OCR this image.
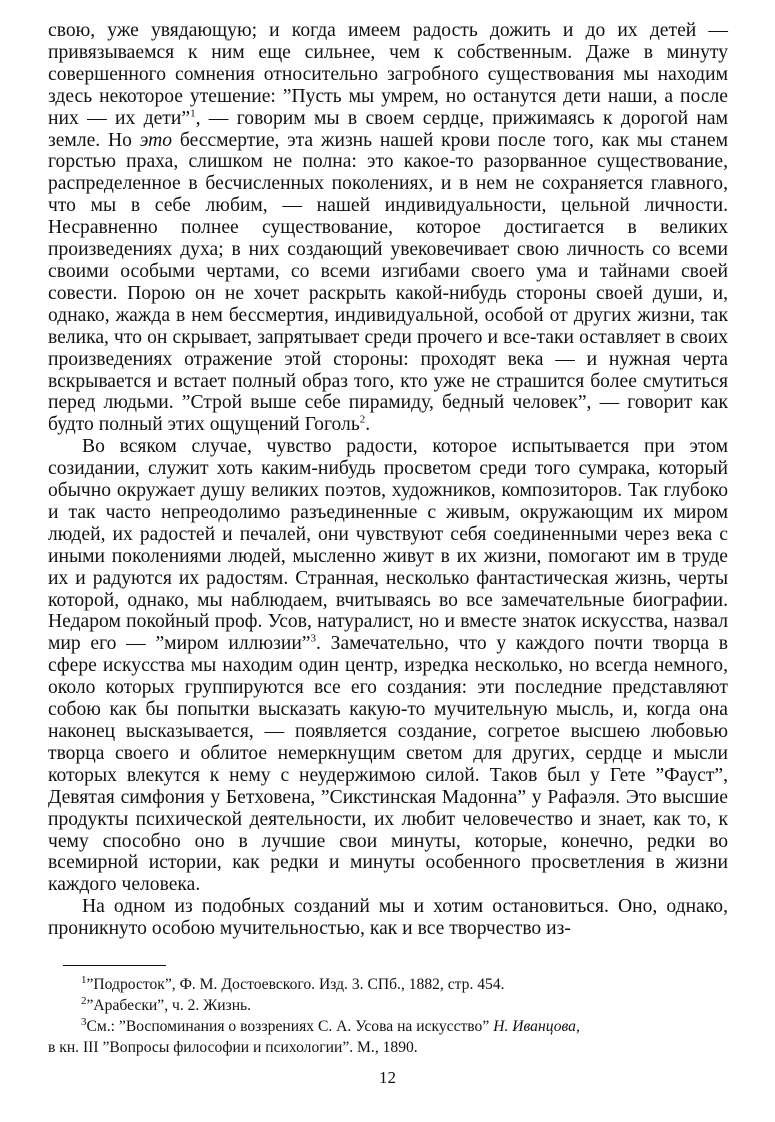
свою, уже увядающую; и когда имеем радость дожить и до их детей — привязываемся к ним еще сильнее, чем к собственным. Даже в минуту совершенного сомнения относительно загробного существования мы находим здесь некоторое утешение: ”Пусть мы умрем, но останутся дети наши, а после них — их дети”$^1$, — говорим мы в своем сердце, прижимаясь к дорогой нам земле. Но это бессмертие, эта жизнь нашей крови после того, как мы станем горстью праха, слишком не полна: это какое-то разорванное существование, распределенное в бесчисленных поколениях, и в нем не сохраняется главного, что мы в себе любим, — нашей индивидуальности, цельной личности. Несравненно полнее существование, которое достигается в великих произведениях духа; в них создающий увековечивает свою личность со всеми своими особыми чертами, со всеми изгибами своего ума и тайнами своей совести. Порою он не хочет раскрыть какой-нибудь стороны своей души, и, однако, жажда в нем бессмертия, индивидуальной, особой от других жизни, так велика, что он скрывает, запрятывает среди прочего и все-таки оставляет в своих произведениях отражение этой стороны: проходят века — и нужная черта вскрывается и встает полный образ того, кто уже не страшится более смутиться перед людьми. ”Строй выше себе пирамиду, бедный человек”, — говорит как будто полный этих ощущений Гоголь$^2$.

Во всяком случае, чувство радости, которое испытывается при этом созидании, служит хоть каким-нибудь просветом среди того сумрака, который обычно окружает душу великих поэтов, художников, композиторов. Так глубоко и так часто непреодолимо разъединенные с живым, окружающим их миром людей, их радостей и печалей, они чувствуют себя соединенными через века с иными поколениями людей, мысленно живут в их жизни, помогают им в труде их и радуются их радостям. Странная, несколько фантастическая жизнь, черты которой, однако, мы наблюдаем, вчитываясь во все замечательные биографии. Недаром покойный проф. Усов, натуралист, но и вместе знаток искусства, назвал мир его — ”миром иллюзии”$^3$. Замечательно, что у каждого почти творца в сфере искусства мы находим один центр, изредка несколько, но всегда немного, около которых группируются все его создания: эти последние представляют собою как бы попытки высказать какую-то мучительную мысль, и, когда она наконец высказывается, — появляется создание, согретое высшею любовью творца своего и облитое немеркнущим светом для других, сердце и мысли которых влекутся к нему с неудержимою силой. Таков был у Гете ”Фауст”, Девятая симфония у Бетховена, ”Сикстинская Мадонна” у Рафаэля. Это высшие продукты психической деятельности, их любит человечество и знает, как то, к чему способно оно в лучшие свои минуты, которые, конечно, редки во всемирной истории, как редки и минуты особенного просветления в жизни каждого человека.

На одном из подобных созданий мы и хотим остановиться. Оно, однако, проникнуто особою мучительностью, как и все творчество из-

$^1$”Подросток”, Ф. М. Достоевского. Изд. 3. СПб., 1882, стр. 454.

$^2$”Арабески”, ч. 2. Жизнь.

$^3$См.: ”Воспоминания о воззрениях С. А. Усова на искусство” Н. Иванцова,

в кн. III ”Вопросы философии и психологии”. М., 1890.

12
